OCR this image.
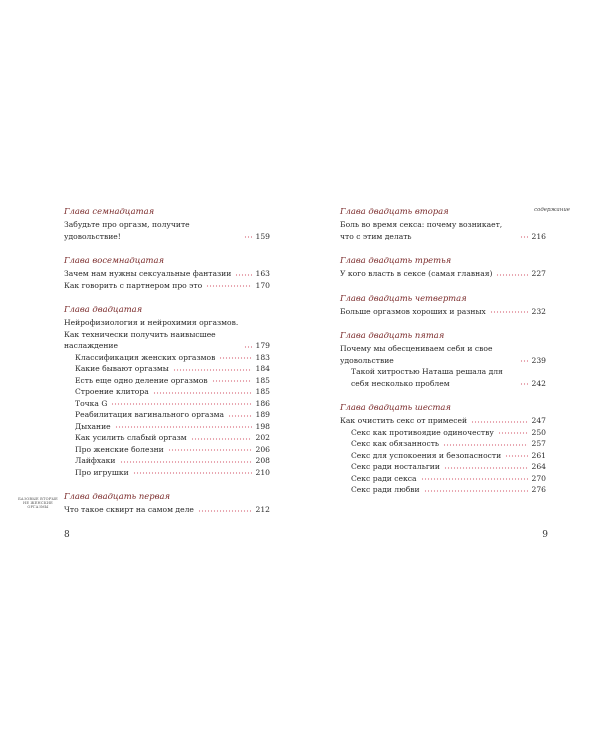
БАЗОВЫЕ ВТОРЫЕ НЕ ЖЕНСКИЕ ОРГАЗМЫ
Глава семнадцатая
Забудьте про оргазм, получите удовольствие!	159
Глава восемнадцатая
Зачем нам нужны сексуальные фантазии	163
Как говорить с партнером про это	170
Глава двадцатая
Нейрофизиология и нейрохимия оргазмов. Как технически получить наивысшее наслаждение	179
Классификация женских оргазмов	183
Какие бывают оргазмы	184
Есть еще одно деление оргазмов	185
Строение клитора	185
Точка G	186
Реабилитация вагинального оргазма	189
Дыхание	198
Как усилить слабый оргазм	202
Про женские болезни	206
Лайфхаки	208
Про игрушки	210
Глава двадцать первая
Что такое сквирт на самом деле	212
8
содержание
Глава двадцать вторая
Боль во время секса: почему возникает, что с этим делать	216
Глава двадцать третья
У кого власть в сексе (самая главная)	227
Глава двадцать четвертая
Больше оргазмов хороших и разных	232
Глава двадцать пятая
Почему мы обесцениваем себя и свое удовольствие	239
Такой хитростью Наташа решала для себя несколько проблем	242
Глава двадцать шестая
Как очистить секс от примесей	247
Секс как противоядие одиночеству	250
Секс как обязанность	257
Секс для успокоения и безопасности	261
Секс ради ностальгии	264
Секс ради секса	270
Секс ради любви	276
9
